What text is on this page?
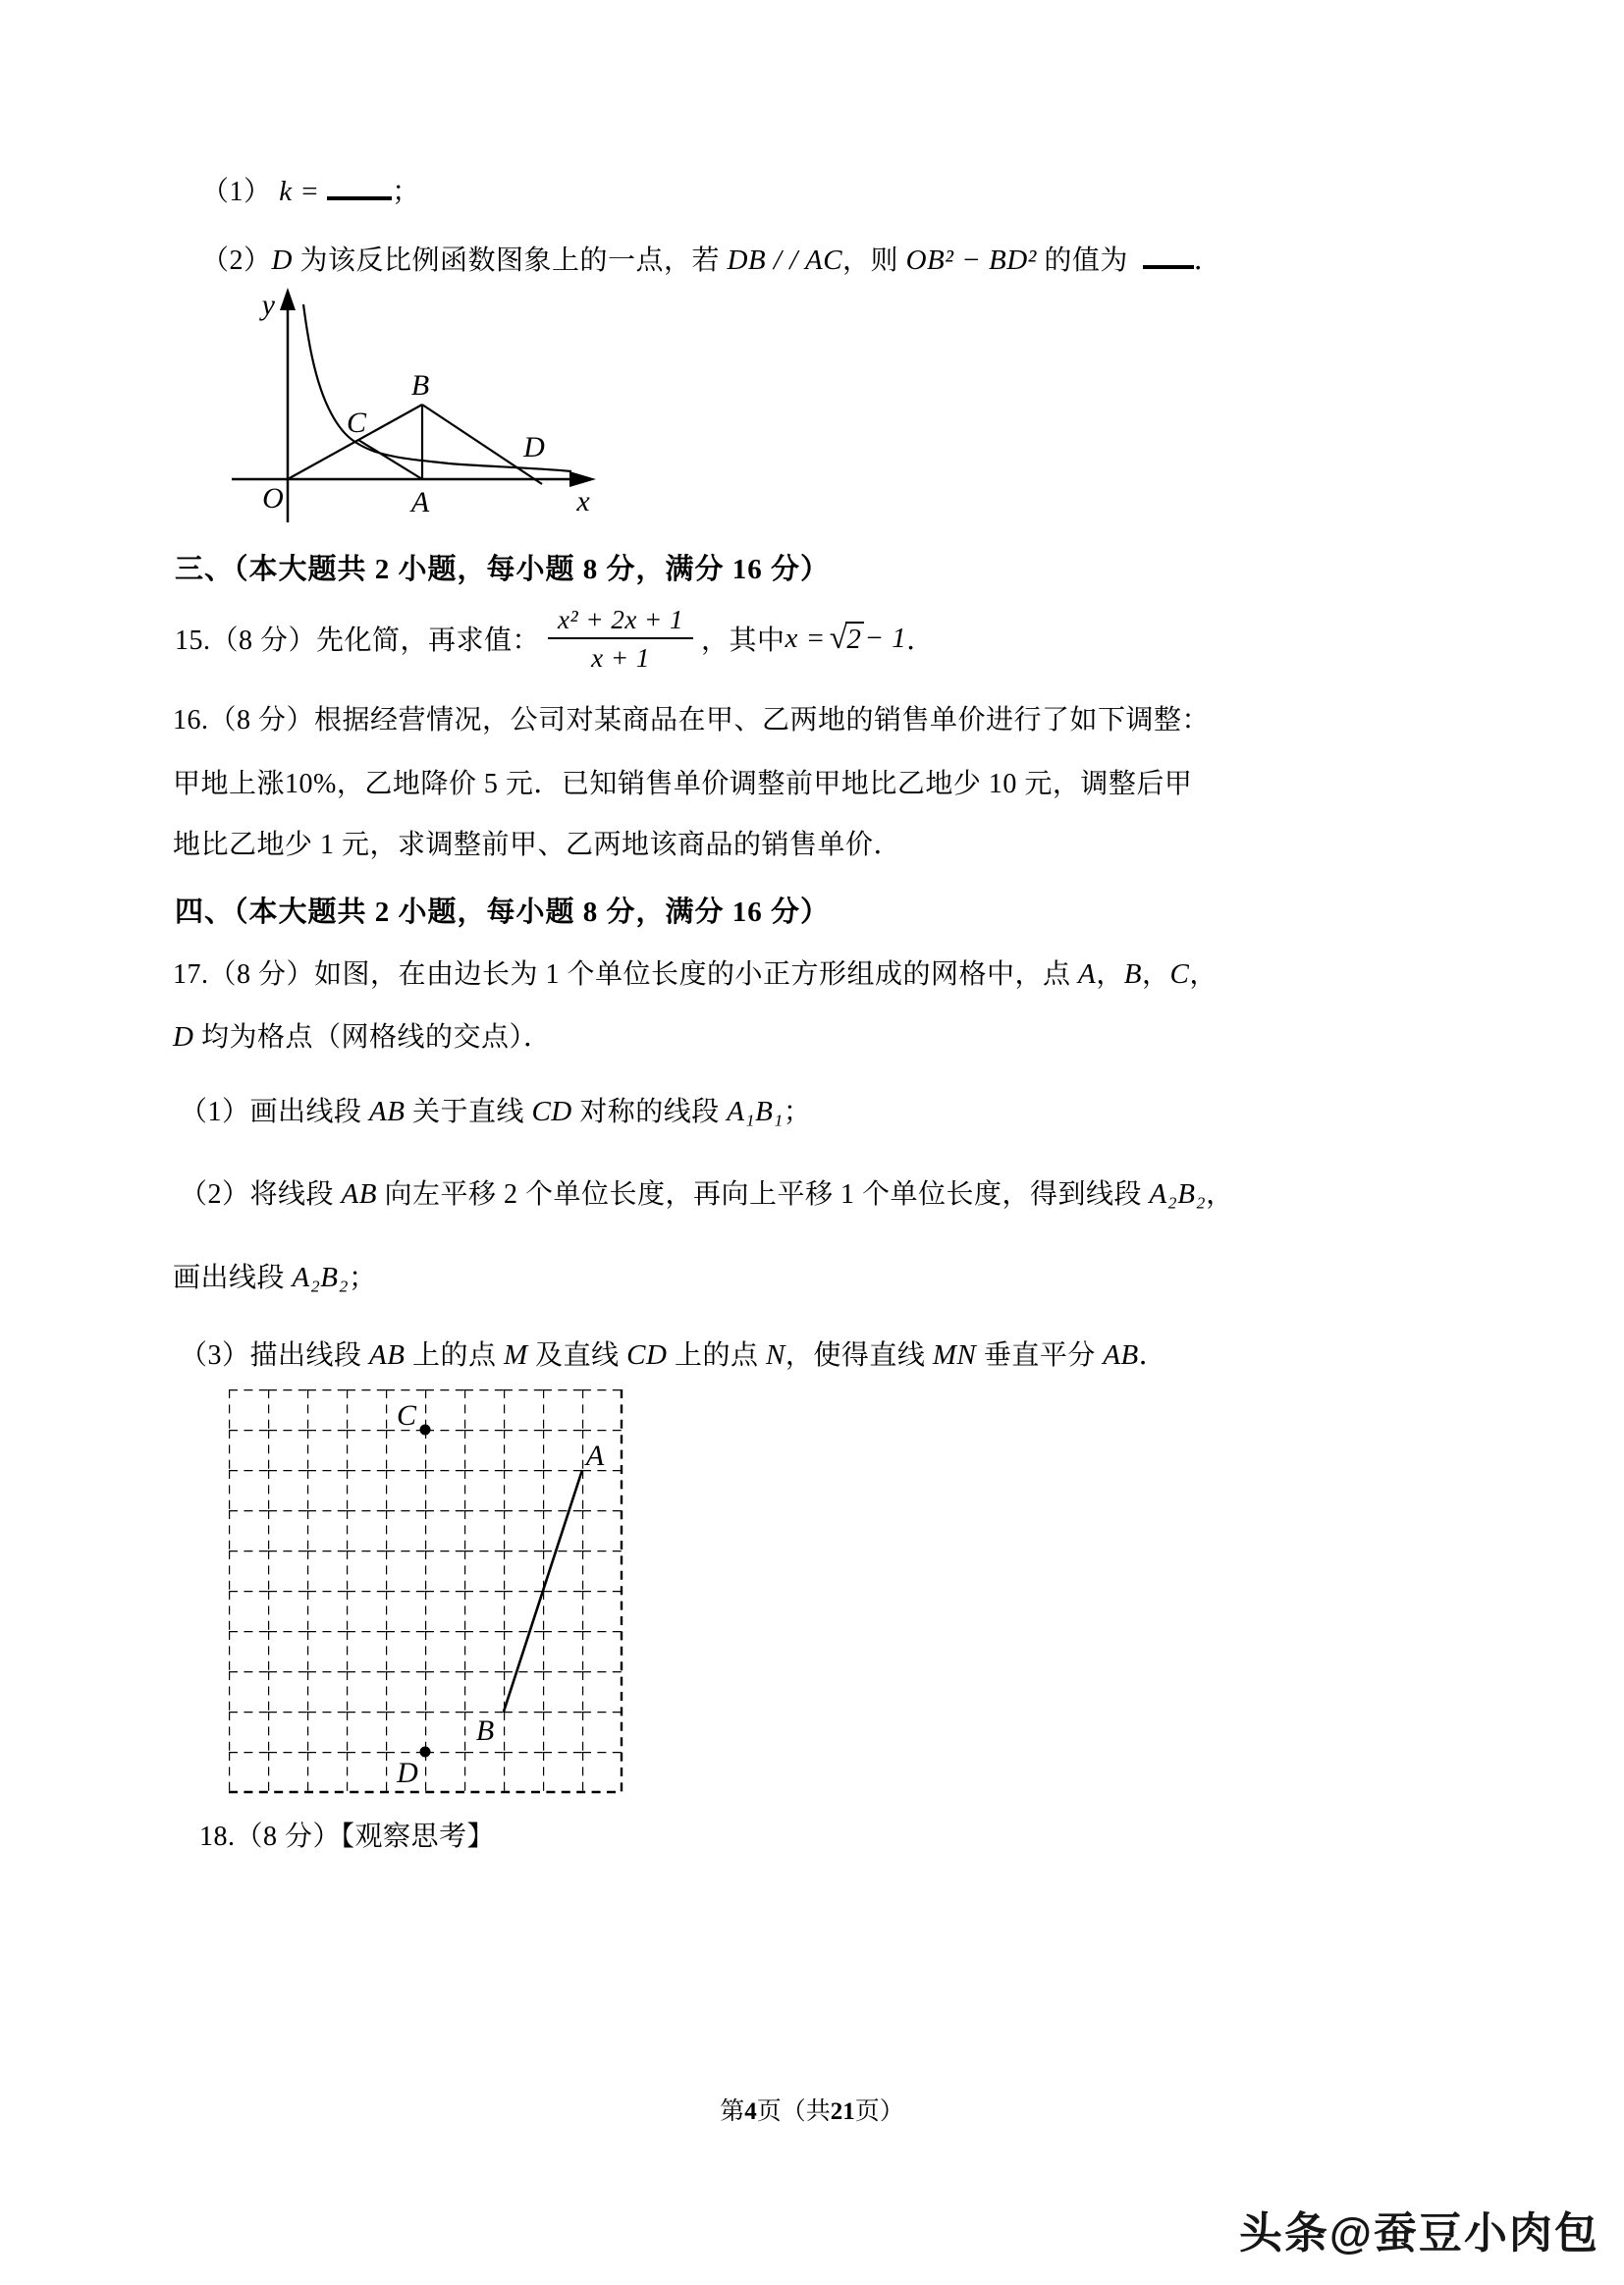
（1） k = ；
（2）D 为该反比例函数图象上的一点，若 DB / / AC，则 OB² − BD² 的值为  ．
y
x
O	A
B
C
D
三、（本大题共 2 小题，每小题 8 分，满分 16 分）
15.（8 分）先化简，再求值： $\frac{\text{x² + 2x + 1}}{x + 1}$ ，其中 x = √ 2 − 1 ．
16.（8 分）根据经营情况，公司对某商品在甲、乙两地的销售单价进行了如下调整：
甲地上涨10%，乙地降价 5 元．已知销售单价调整前甲地比乙地少 10 元，调整后甲
地比乙地少 1 元，求调整前甲、乙两地该商品的销售单价．
四、（本大题共 2 小题，每小题 8 分，满分 16 分）
17.（8 分）如图，在由边长为 1 个单位长度的小正方形组成的网格中，点 A，B，C，
D 均为格点（网格线的交点）．
（1）画出线段 AB 关于直线 CD 对称的线段 A₁B₁；
（2）将线段 AB 向左平移 2 个单位长度，再向上平移 1 个单位长度，得到线段 A₂B₂，
画出线段 A₂B₂；
（3）描出线段 AB 上的点 M 及直线 CD 上的点 N，使得直线 MN 垂直平分 AB．
C
A
B
D
18.（8 分）【观察思考】
第4页（共21页）
头条@蚕豆小肉包
